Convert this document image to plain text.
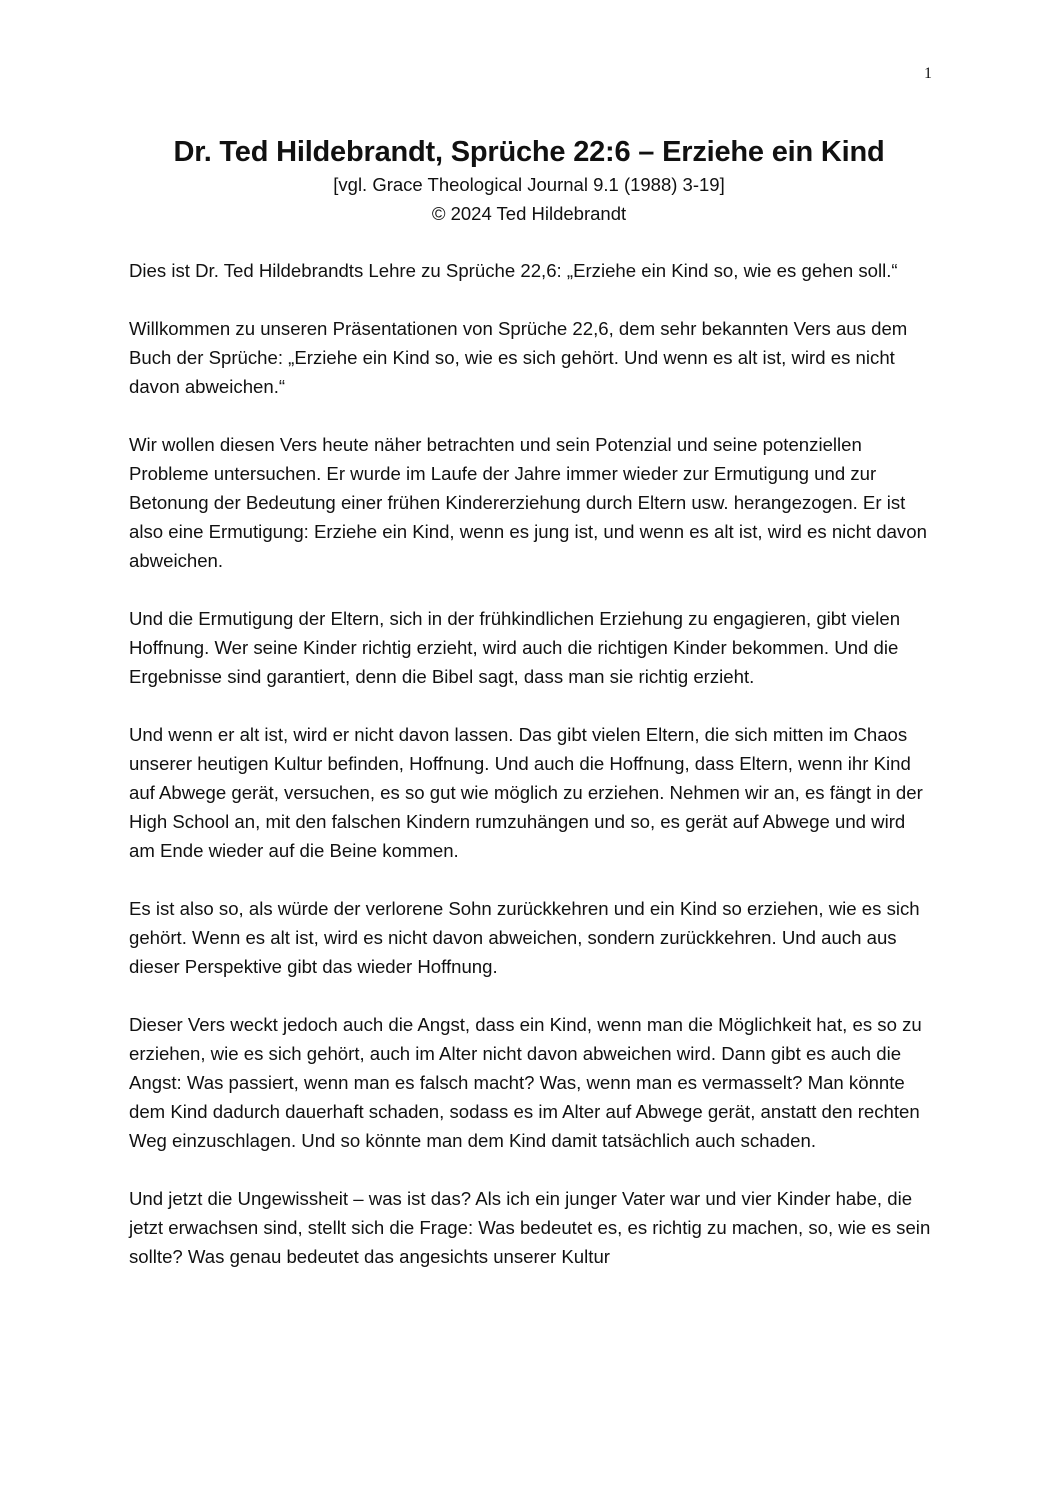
1
Dr. Ted Hildebrandt, Sprüche 22:6 – Erziehe ein Kind
[vgl. Grace Theological Journal 9.1 (1988) 3-19]
© 2024 Ted Hildebrandt

Dies ist Dr. Ted Hildebrandts Lehre zu Sprüche 22,6: „Erziehe ein Kind so, wie es gehen soll.“

Willkommen zu unseren Präsentationen von Sprüche 22,6, dem sehr bekannten Vers aus dem Buch der Sprüche: „Erziehe ein Kind so, wie es sich gehört. Und wenn es alt ist, wird es nicht davon abweichen.“

Wir wollen diesen Vers heute näher betrachten und sein Potenzial und seine potenziellen Probleme untersuchen. Er wurde im Laufe der Jahre immer wieder zur Ermutigung und zur Betonung der Bedeutung einer frühen Kindererziehung durch Eltern usw. herangezogen. Er ist also eine Ermutigung: Erziehe ein Kind, wenn es jung ist, und wenn es alt ist, wird es nicht davon abweichen.

Und die Ermutigung der Eltern, sich in der frühkindlichen Erziehung zu engagieren, gibt vielen Hoffnung. Wer seine Kinder richtig erzieht, wird auch die richtigen Kinder bekommen. Und die Ergebnisse sind garantiert, denn die Bibel sagt, dass man sie richtig erzieht.

Und wenn er alt ist, wird er nicht davon lassen. Das gibt vielen Eltern, die sich mitten im Chaos unserer heutigen Kultur befinden, Hoffnung. Und auch die Hoffnung, dass Eltern, wenn ihr Kind auf Abwege gerät, versuchen, es so gut wie möglich zu erziehen. Nehmen wir an, es fängt in der High School an, mit den falschen Kindern rumzuhängen und so, es gerät auf Abwege und wird am Ende wieder auf die Beine kommen.

Es ist also so, als würde der verlorene Sohn zurückkehren und ein Kind so erziehen, wie es sich gehört. Wenn es alt ist, wird es nicht davon abweichen, sondern zurückkehren. Und auch aus dieser Perspektive gibt das wieder Hoffnung.

Dieser Vers weckt jedoch auch die Angst, dass ein Kind, wenn man die Möglichkeit hat, es so zu erziehen, wie es sich gehört, auch im Alter nicht davon abweichen wird. Dann gibt es auch die Angst: Was passiert, wenn man es falsch macht? Was, wenn man es vermasselt? Man könnte dem Kind dadurch dauerhaft schaden, sodass es im Alter auf Abwege gerät, anstatt den rechten Weg einzuschlagen. Und so könnte man dem Kind damit tatsächlich auch schaden.

Und jetzt die Ungewissheit – was ist das? Als ich ein junger Vater war und vier Kinder habe, die jetzt erwachsen sind, stellt sich die Frage: Was bedeutet es, es richtig zu machen, so, wie es sein sollte? Was genau bedeutet das angesichts unserer Kultur
